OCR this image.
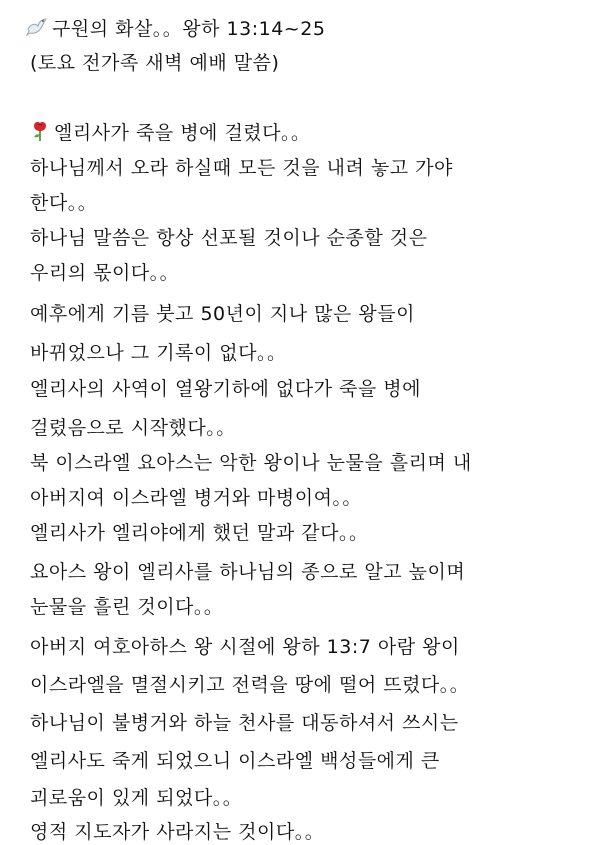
구원의 화살。。왕하 13:14~25
(토요 전가족 새벽 예배 말씀)
엘리사가 죽을 병에 걸렸다。。
하나님께서 오라 하실때 모든 것을 내려 놓고 가야
한다。。
하나님 말씀은 항상 선포될 것이나 순종할 것은
우리의 몫이다。。
예후에게 기름 붓고 50년이 지나 많은 왕들이
바뀌었으나 그 기록이 없다。。
엘리사의 사역이 열왕기하에 없다가 죽을 병에
걸렸음으로 시작했다。。
북 이스라엘 요아스는 악한 왕이나 눈물을 흘리며 내
아버지여 이스라엘 병거와 마병이여。。
엘리사가 엘리야에게 했던 말과 같다。。
요아스 왕이 엘리사를 하나님의 종으로 알고 높이며
눈물을 흘린 것이다。。
아버지 여호아하스 왕 시절에 왕하 13:7 아람 왕이
이스라엘을 멸절시키고 전력을 땅에 떨어 뜨렸다。。
하나님이 불병거와 하늘 천사를 대동하셔서 쓰시는
엘리사도 죽게 되었으니 이스라엘 백성들에게 큰
괴로움이 있게 되었다。。
영적 지도자가 사라지는 것이다。。
